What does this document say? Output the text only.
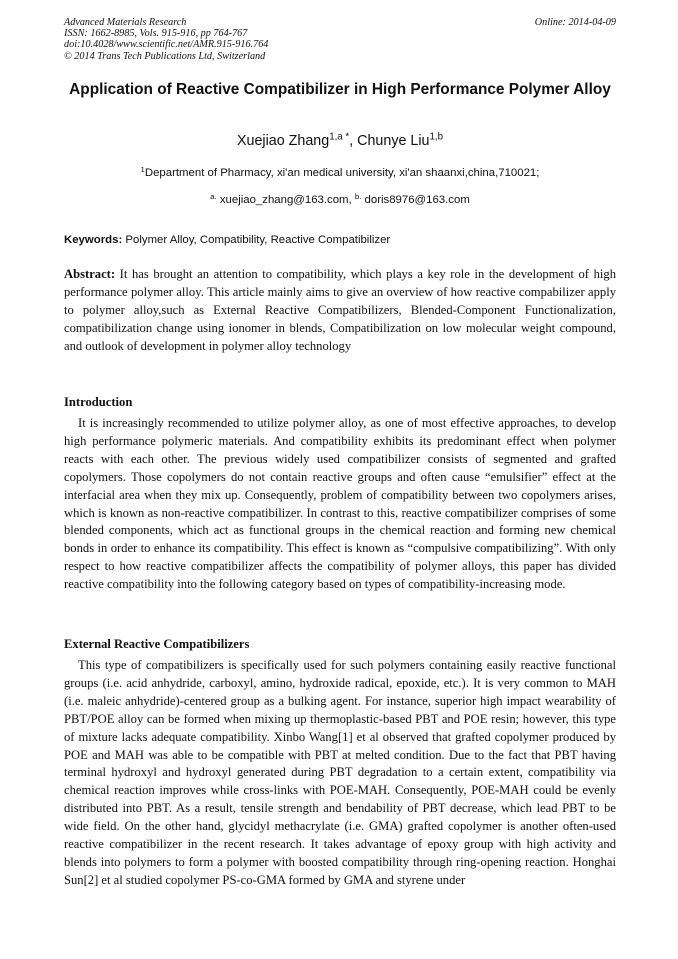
Advanced Materials Research
ISSN: 1662-8985, Vols. 915-916, pp 764-767
doi:10.4028/www.scientific.net/AMR.915-916.764
© 2014 Trans Tech Publications Ltd, Switzerland
Online: 2014-04-09
Application of Reactive Compatibilizer in High Performance Polymer Alloy
Xuejiao Zhang$^{1,a *}$, Chunye Liu$^{1,b}$
$^1$Department of Pharmacy, xi'an medical university, xi'an shaanxi,china,710021;
$^{a.}$ xuejiao_zhang@163.com, $^{b.}$ doris8976@163.com
Keywords: Polymer Alloy, Compatibility, Reactive Compatibilizer
Abstract: It has brought an attention to compatibility, which plays a key role in the development of high performance polymer alloy. This article mainly aims to give an overview of how reactive compabilizer apply to polymer alloy,such as External Reactive Compatibilizers, Blended-Component Functionalization, compatibilization change using ionomer in blends, Compatibilization on low molecular weight compound, and outlook of development in polymer alloy technology
Introduction
It is increasingly recommended to utilize polymer alloy, as one of most effective approaches, to develop high performance polymeric materials. And compatibility exhibits its predominant effect when polymer reacts with each other. The previous widely used compatibilizer consists of segmented and grafted copolymers. Those copolymers do not contain reactive groups and often cause “emulsifier” effect at the interfacial area when they mix up. Consequently, problem of compatibility between two copolymers arises, which is known as non-reactive compatibilizer. In contrast to this, reactive compatibilizer comprises of some blended components, which act as functional groups in the chemical reaction and forming new chemical bonds in order to enhance its compatibility. This effect is known as “compulsive compatibilizing”. With only respect to how reactive compatibilizer affects the compatibility of polymer alloys, this paper has divided reactive compatibility into the following category based on types of compatibility-increasing mode.
External Reactive Compatibilizers
This type of compatibilizers is specifically used for such polymers containing easily reactive functional groups (i.e. acid anhydride, carboxyl, amino, hydroxide radical, epoxide, etc.). It is very common to MAH (i.e. maleic anhydride)-centered group as a bulking agent. For instance, superior high impact wearability of PBT/POE alloy can be formed when mixing up thermoplastic-based PBT and POE resin; however, this type of mixture lacks adequate compatibility. Xinbo Wang[1] et al observed that grafted copolymer produced by POE and MAH was able to be compatible with PBT at melted condition. Due to the fact that PBT having terminal hydroxyl and hydroxyl generated during PBT degradation to a certain extent, compatibility via chemical reaction improves while cross-links with POE-MAH. Consequently, POE-MAH could be evenly distributed into PBT. As a result, tensile strength and bendability of PBT decrease, which lead PBT to be wide field. On the other hand, glycidyl methacrylate (i.e. GMA) grafted copolymer is another often-used reactive compatibilizer in the recent research. It takes advantage of epoxy group with high activity and blends into polymers to form a polymer with boosted compatibility through ring-opening reaction. Honghai Sun[2] et al studied copolymer PS-co-GMA formed by GMA and styrene under
